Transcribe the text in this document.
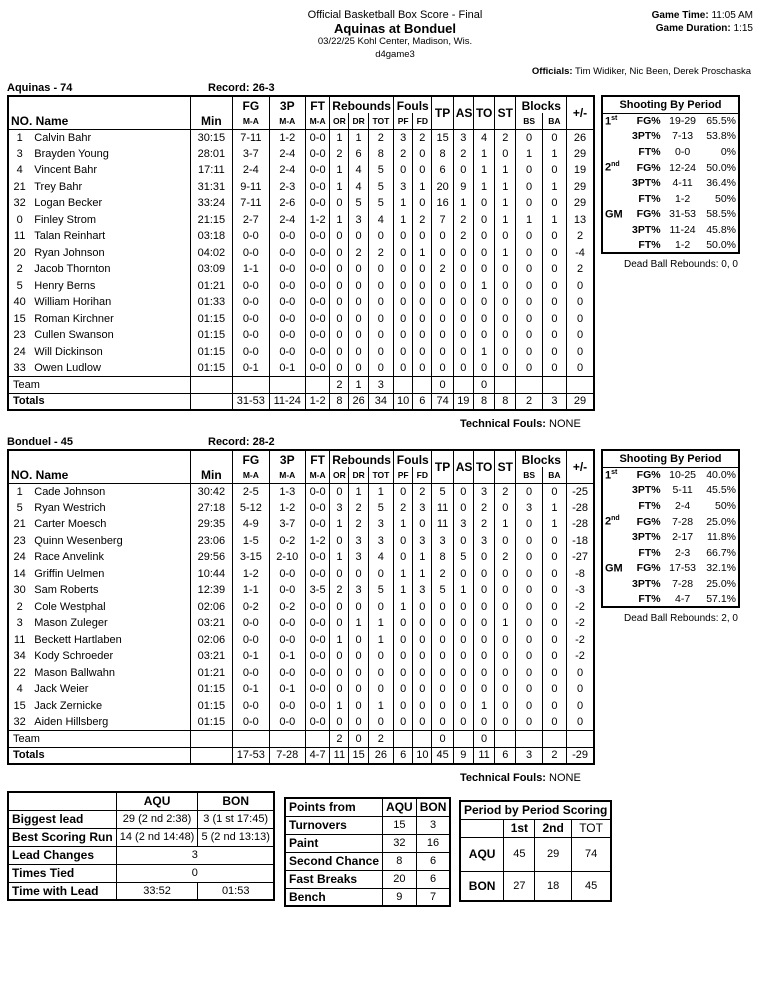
Official Basketball Box Score - Final
Aquinas at Bonduel
03/22/25 Kohl Center, Madison, Wis.
d4game3
Game Time: 11:05 AM
Game Duration: 1:15
Officials: Tim Widiker, Nic Been, Derek Proschaska
Aquinas - 74	Record: 26-3
			FG	3P	FT	Rebounds			Fouls		TP	AS	TO	ST	Blocks		+/-
NO. Name		Min	M-A	M-A	M-A	OR	DR	TOT	PF	FD					BS	BA	
1	Calvin Bahr	30:15	7-11	1-2	0-0	1	1	2	3	2	15	3	4	2	0	0	26
3	Brayden Young	28:01	3-7	2-4	0-0	2	6	8	2	0	8	2	1	0	1	1	29
4	Vincent Bahr	17:11	2-4	2-4	0-0	1	4	5	0	0	6	0	1	1	0	0	19
21	Trey Bahr	31:31	9-11	2-3	0-0	1	4	5	3	1	20	9	1	1	0	1	29
32	Logan Becker	33:24	7-11	2-6	0-0	0	5	5	1	0	16	1	0	1	0	0	29
0	Finley Strom	21:15	2-7	2-4	1-2	1	3	4	1	2	7	2	0	1	1	1	13
11	Talan Reinhart	03:18	0-0	0-0	0-0	0	0	0	0	0	0	2	0	0	0	0	2
20	Ryan Johnson	04:02	0-0	0-0	0-0	0	2	2	0	1	0	0	0	1	0	0	-4
2	Jacob Thornton	03:09	1-1	0-0	0-0	0	0	0	0	0	2	0	0	0	0	0	2
5	Henry Berns	01:21	0-0	0-0	0-0	0	0	0	0	0	0	0	1	0	0	0	0
40	William Horihan	01:33	0-0	0-0	0-0	0	0	0	0	0	0	0	0	0	0	0	0
15	Roman Kirchner	01:15	0-0	0-0	0-0	0	0	0	0	0	0	0	0	0	0	0	0
23	Cullen Swanson	01:15	0-0	0-0	0-0	0	0	0	0	0	0	0	0	0	0	0	0
24	Will Dickinson	01:15	0-0	0-0	0-0	0	0	0	0	0	0	0	1	0	0	0	0
33	Owen Ludlow	01:15	0-1	0-1	0-0	0	0	0	0	0	0	0	0	0	0	0	0
Team						2	1	3			0		0				
Totals			31-53	11-24	1-2	8	26	34	10	6	74	19	8	8	2	3	29
Technical Fouls: NONE
Shooting By Period			
1st	FG%	19-29	65.5%
	3PT%	7-13	53.8%
	FT%	0-0	0%
2nd	FG%	12-24	50.0%
	3PT%	4-11	36.4%
	FT%	1-2	50%
GM	FG%	31-53	58.5%
	3PT%	11-24	45.8%
	FT%	1-2	50.0%
Dead Ball Rebounds: 0, 0
Bonduel - 45	Record: 28-2
			FG	3P	FT	Rebounds			Fouls		TP	AS	TO	ST	Blocks		+/-
NO. Name		Min	M-A	M-A	M-A	OR	DR	TOT	PF	FD					BS	BA	
1	Cade Johnson	30:42	2-5	1-3	0-0	0	1	1	0	2	5	0	3	2	0	0	-25
5	Ryan Westrich	27:18	5-12	1-2	0-0	3	2	5	2	3	11	0	2	0	3	1	-28
21	Carter Moesch	29:35	4-9	3-7	0-0	1	2	3	1	0	11	3	2	1	0	1	-28
23	Quinn Wesenberg	23:06	1-5	0-2	1-2	0	3	3	0	3	3	0	3	0	0	0	-18
24	Race Anvelink	29:56	3-15	2-10	0-0	1	3	4	0	1	8	5	0	2	0	0	-27
14	Griffin Uelmen	10:44	1-2	0-0	0-0	0	0	0	1	1	2	0	0	0	0	0	-8
30	Sam Roberts	12:39	1-1	0-0	3-5	2	3	5	1	3	5	1	0	0	0	0	-3
2	Cole Westphal	02:06	0-2	0-2	0-0	0	0	0	1	0	0	0	0	0	0	0	-2
3	Mason Zuleger	03:21	0-0	0-0	0-0	0	1	1	0	0	0	0	0	1	0	0	-2
11	Beckett Hartlaben	02:06	0-0	0-0	0-0	1	0	1	0	0	0	0	0	0	0	0	-2
34	Kody Schroeder	03:21	0-1	0-1	0-0	0	0	0	0	0	0	0	0	0	0	0	-2
22	Mason Ballwahn	01:21	0-0	0-0	0-0	0	0	0	0	0	0	0	0	0	0	0	0
4	Jack Weier	01:15	0-1	0-1	0-0	0	0	0	0	0	0	0	0	0	0	0	0
15	Jack Zernicke	01:15	0-0	0-0	0-0	1	0	1	0	0	0	0	1	0	0	0	0
32	Aiden Hillsberg	01:15	0-0	0-0	0-0	0	0	0	0	0	0	0	0	0	0	0	0
Team						2	0	2			0		0				
Totals			17-53	7-28	4-7	11	15	26	6	10	45	9	11	6	3	2	-29
Technical Fouls: NONE
Shooting By Period			
1st	FG%	10-25	40.0%
	3PT%	5-11	45.5%
	FT%	2-4	50%
2nd	FG%	7-28	25.0%
	3PT%	2-17	11.8%
	FT%	2-3	66.7%
GM	FG%	17-53	32.1%
	3PT%	7-28	25.0%
	FT%	4-7	57.1%
Dead Ball Rebounds: 2, 0
	AQU	BON
Biggest lead	29 (2 nd 2:38)	3 (1 st 17:45)
Best Scoring Run	14 (2 nd 14:48)	5 (2 nd 13:13)
Lead Changes	3	
Times Tied	0	
Time with Lead	33:52	01:53
Points from	AQU	BON
Turnovers	15	3
Paint	32	16
Second Chance	8	6
Fast Breaks	20	6
Bench	9	7
Period by Period Scoring			
	1st	2nd	TOT
AQU	45	29	74
BON	27	18	45
